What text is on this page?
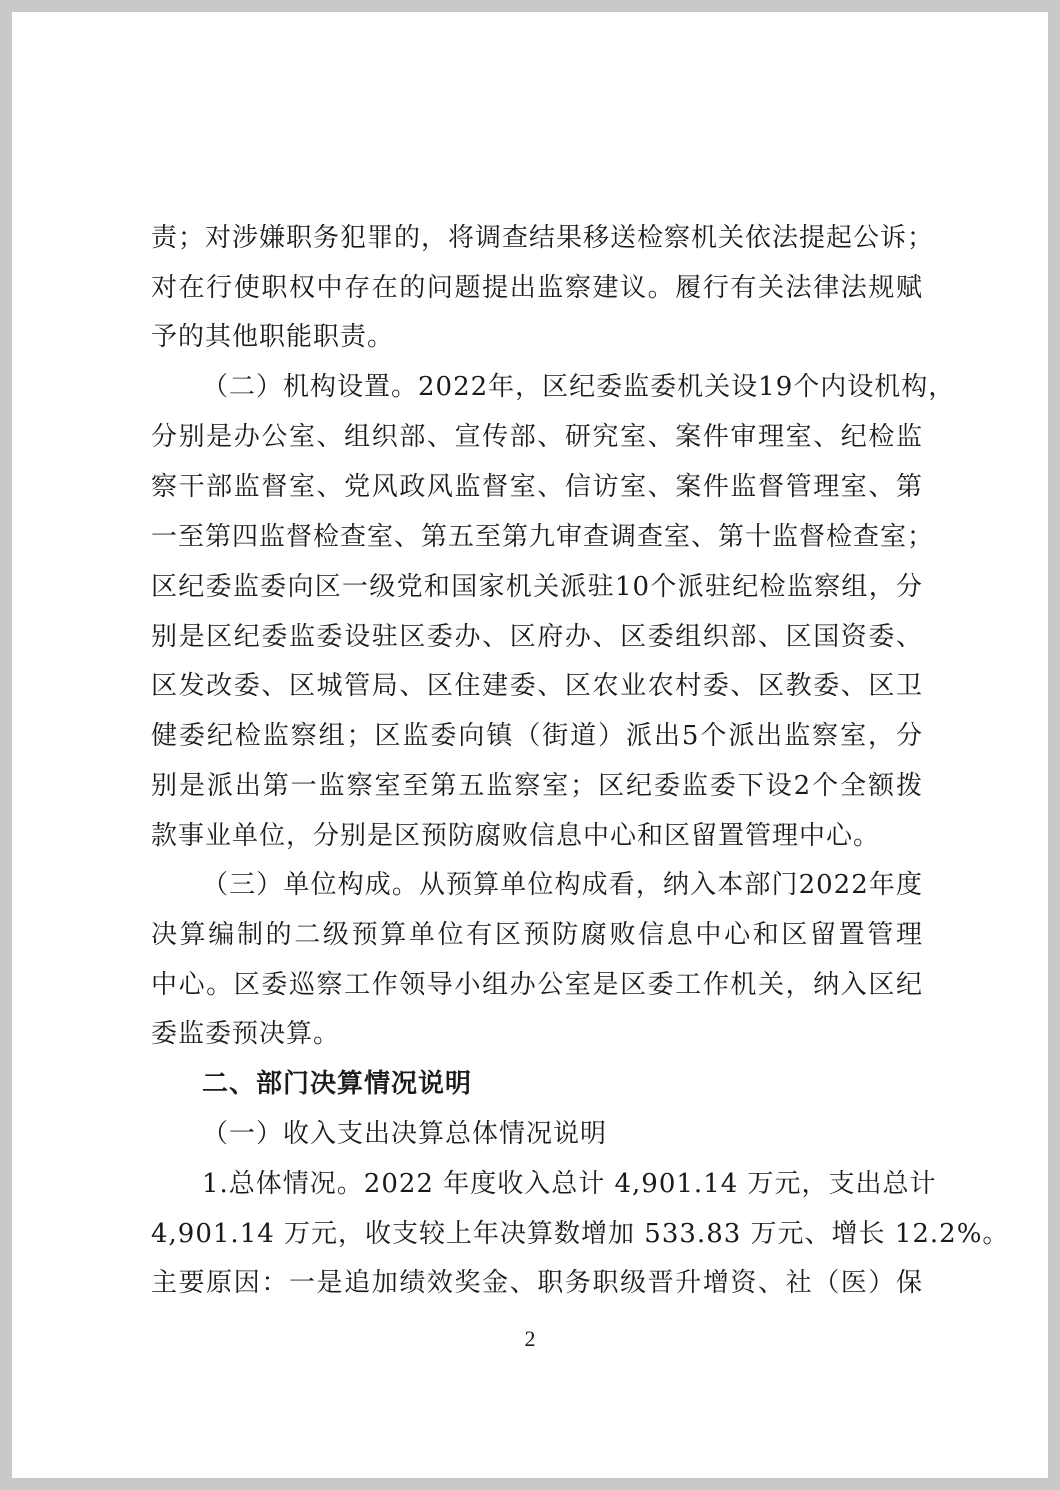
责；对涉嫌职务犯罪的，将调查结果移送检察机关依法提起公诉；
对在行使职权中存在的问题提出监察建议。履行有关法律法规赋
予的其他职能职责。
（二）机构设置。2022年，区纪委监委机关设19个内设机构，
分别是办公室、组织部、宣传部、研究室、案件审理室、纪检监
察干部监督室、党风政风监督室、信访室、案件监督管理室、第
一至第四监督检查室、第五至第九审查调查室、第十监督检查室；
区纪委监委向区一级党和国家机关派驻10个派驻纪检监察组，分
别是区纪委监委设驻区委办、区府办、区委组织部、区国资委、
区发改委、区城管局、区住建委、区农业农村委、区教委、区卫
健委纪检监察组；区监委向镇（街道）派出5个派出监察室，分
别是派出第一监察室至第五监察室；区纪委监委下设2个全额拨
款事业单位，分别是区预防腐败信息中心和区留置管理中心。
（三）单位构成。从预算单位构成看，纳入本部门2022年度
决算编制的二级预算单位有区预防腐败信息中心和区留置管理
中心。区委巡察工作领导小组办公室是区委工作机关，纳入区纪
委监委预决算。
二、部门决算情况说明
（一）收入支出决算总体情况说明
1.总体情况。2022 年度收入总计 4,901.14 万元，支出总计
4,901.14 万元，收支较上年决算数增加 533.83 万元、增长 12.2%。
主要原因：一是追加绩效奖金、职务职级晋升增资、社（医）保
2
